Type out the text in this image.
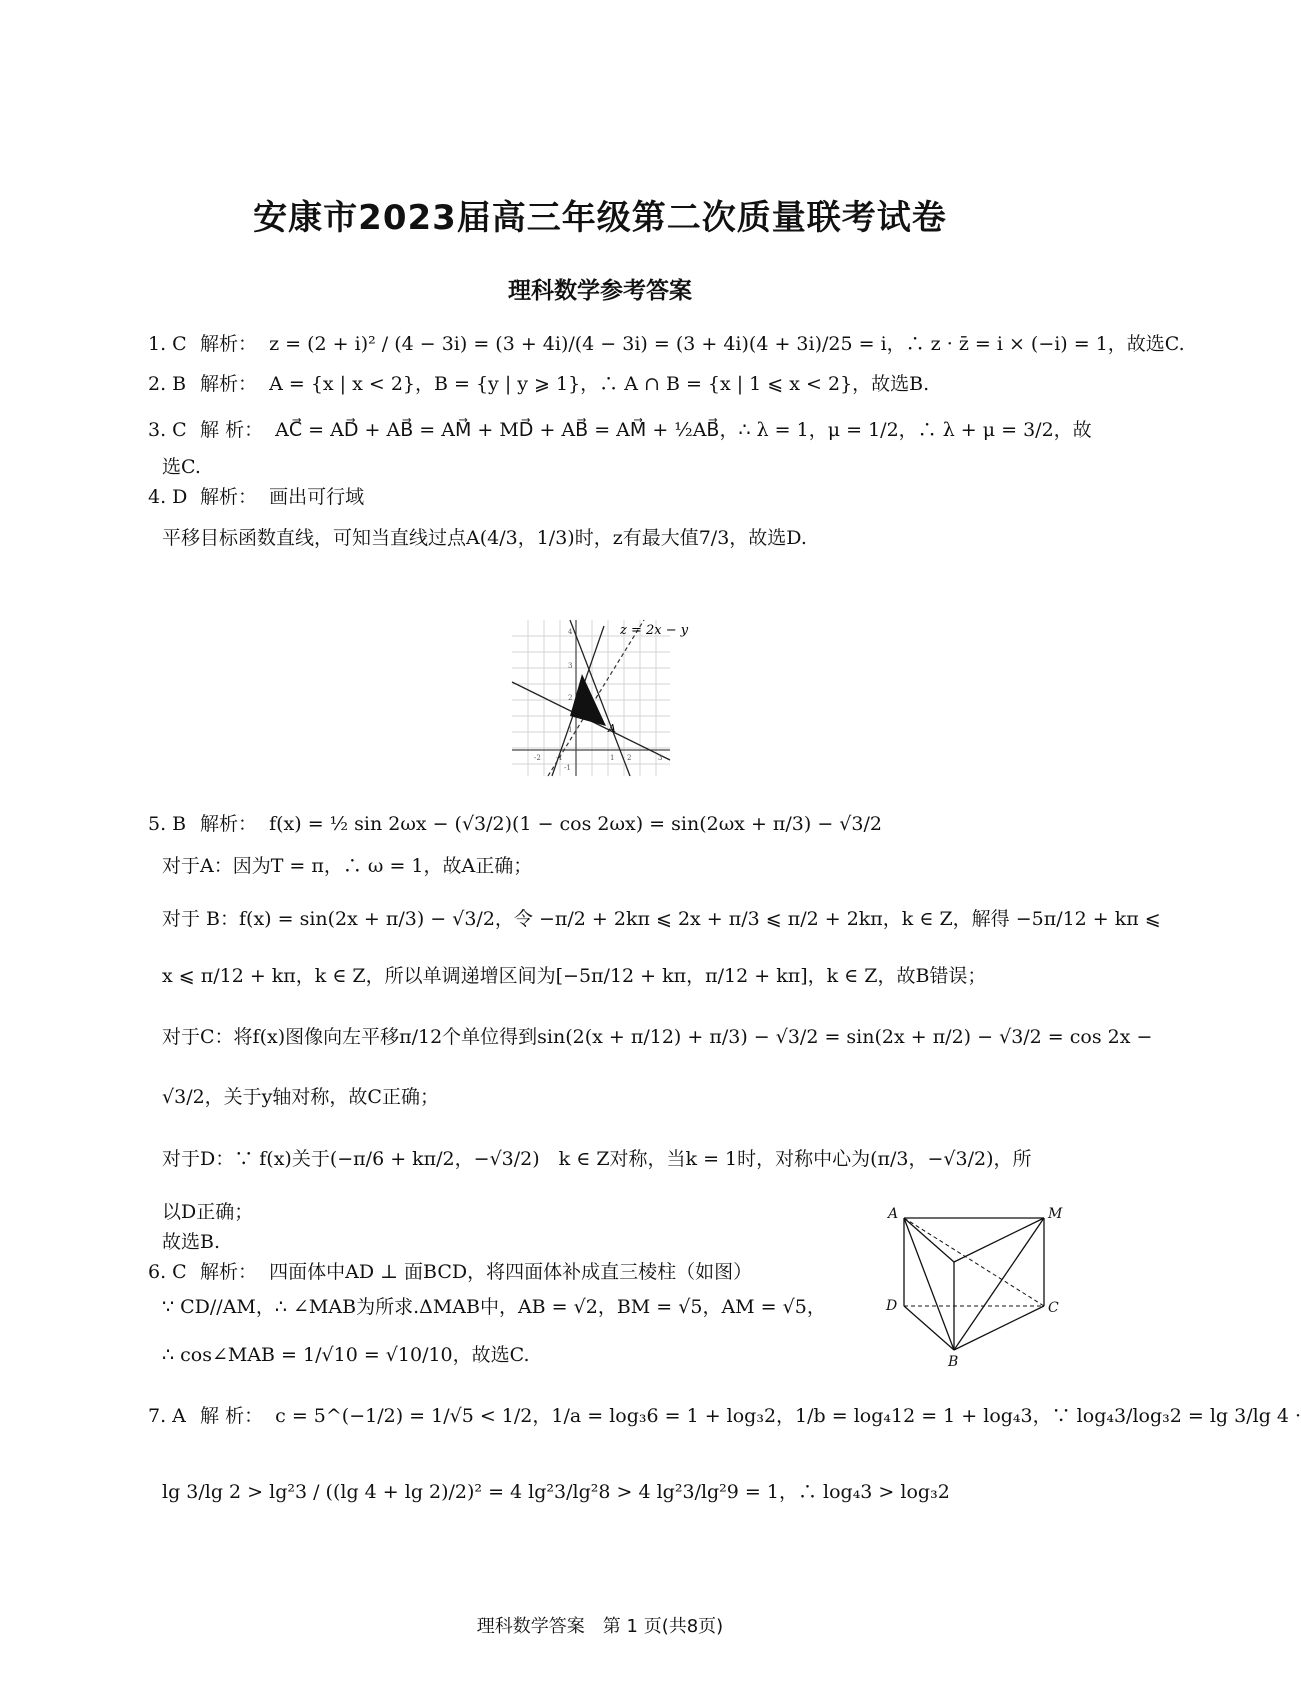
安康市2023届高三年级第二次质量联考试卷
理科数学参考答案
1. C 解析： z = (2 + i)² / (4 − 3i) = (3 + 4i)/(4 − 3i) = (3 + 4i)(4 + 3i)/25 = i，∴ z · z̄ = i × (−i) = 1，故选C.
2. B 解析： A = {x | x < 2}，B = {y | y ⩾ 1}，∴ A ∩ B = {x | 1 ⩽ x < 2}，故选B.
3. C 解 析： AC⃗ = AD⃗ + AB⃗ = AM⃗ + MD⃗ + AB⃗ = AM⃗ + ½AB⃗，∴ λ = 1，μ = 1/2，∴ λ + μ = 3/2，故
选C.
4. D 解析： 画出可行域
平移目标函数直线，可知当直线过点A(4/3，1/3)时，z有最大值7/3，故选D.
A
z = 2x − y
-2 -1	1 2	3
4
3
2
1
-1
5. B 解析： f(x) = ½ sin 2ωx − (√3/2)(1 − cos 2ωx) = sin(2ωx + π/3) − √3/2
对于A：因为T = π，∴ ω = 1，故A正确；
对于 B：f(x) = sin(2x + π/3) − √3/2，令 −π/2 + 2kπ ⩽ 2x + π/3 ⩽ π/2 + 2kπ，k ∈ Z，解得 −5π/12 + kπ ⩽
x ⩽ π/12 + kπ，k ∈ Z，所以单调递增区间为[−5π/12 + kπ，π/12 + kπ]，k ∈ Z，故B错误；
对于C：将f(x)图像向左平移π/12个单位得到sin(2(x + π/12) + π/3) − √3/2 = sin(2x + π/2) − √3/2 = cos 2x −
√3/2，关于y轴对称，故C正确；
对于D：∵ f(x)关于(−π/6 + kπ/2，−√3/2)　k ∈ Z对称，当k = 1时，对称中心为(π/3，−√3/2)，所
以D正确；
故选B.
A	M
D	C
B
6. C 解析： 四面体中AD ⊥ 面BCD，将四面体补成直三棱柱（如图）
∵ CD//AM，∴ ∠MAB为所求.ΔMAB中，AB = √2，BM = √5，AM = √5，
∴ cos∠MAB = 1/√10 = √10/10，故选C.
7. A 解 析： c = 5^(−1/2) = 1/√5 < 1/2，1/a = log₃6 = 1 + log₃2，1/b = log₄12 = 1 + log₄3，∵ log₄3/log₃2 = lg 3/lg 4 ·
lg 3/lg 2 > lg²3 / ((lg 4 + lg 2)/2)² = 4 lg²3/lg²8 > 4 lg²3/lg²9 = 1，∴ log₄3 > log₃2
理科数学答案　第 1 页(共8页)
